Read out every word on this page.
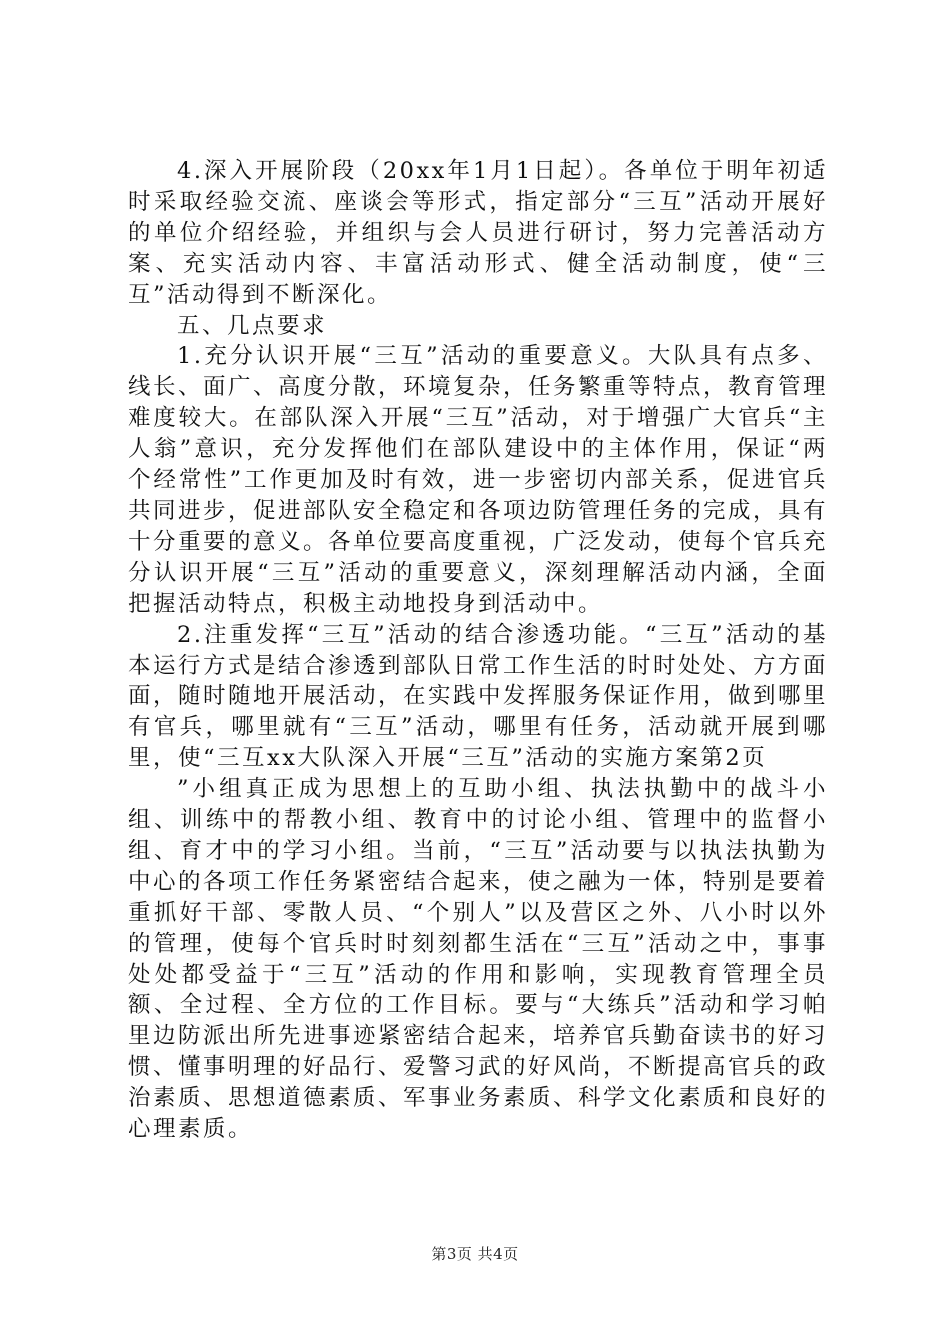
4.深入开展阶段（20xx年1月1日起）。各单位于明年初适时采取经验交流、座谈会等形式，指定部分“三互”活动开展好的单位介绍经验，并组织与会人员进行研讨，努力完善活动方案、充实活动内容、丰富活动形式、健全活动制度，使“三互”活动得到不断深化。

五、几点要求

1.充分认识开展“三互”活动的重要意义。大队具有点多、线长、面广、高度分散，环境复杂，任务繁重等特点，教育管理难度较大。在部队深入开展“三互”活动，对于增强广大官兵“主人翁”意识，充分发挥他们在部队建设中的主体作用，保证“两个经常性”工作更加及时有效，进一步密切内部关系，促进官兵共同进步，促进部队安全稳定和各项边防管理任务的完成，具有十分重要的意义。各单位要高度重视，广泛发动，使每个官兵充分认识开展“三互”活动的重要意义，深刻理解活动内涵，全面把握活动特点，积极主动地投身到活动中。

2.注重发挥“三互”活动的结合渗透功能。“三互”活动的基本运行方式是结合渗透到部队日常工作生活的时时处处、方方面面，随时随地开展活动，在实践中发挥服务保证作用，做到哪里有官兵，哪里就有“三互”活动，哪里有任务，活动就开展到哪里，使“三互xx大队深入开展“三互”活动的实施方案第2页

”小组真正成为思想上的互助小组、执法执勤中的战斗小组、训练中的帮教小组、教育中的讨论小组、管理中的监督小组、育才中的学习小组。当前，“三互”活动要与以执法执勤为中心的各项工作任务紧密结合起来，使之融为一体，特别是要着重抓好干部、零散人员、“个别人”以及营区之外、八小时以外的管理，使每个官兵时时刻刻都生活在“三互”活动之中，事事处处都受益于“三互”活动的作用和影响，实现教育管理全员额、全过程、全方位的工作目标。要与“大练兵”活动和学习帕里边防派出所先进事迹紧密结合起来，培养官兵勤奋读书的好习惯、懂事明理的好品行、爱警习武的好风尚，不断提高官兵的政治素质、思想道德素质、军事业务素质、科学文化素质和良好的心理素质。

第3页 共4页
